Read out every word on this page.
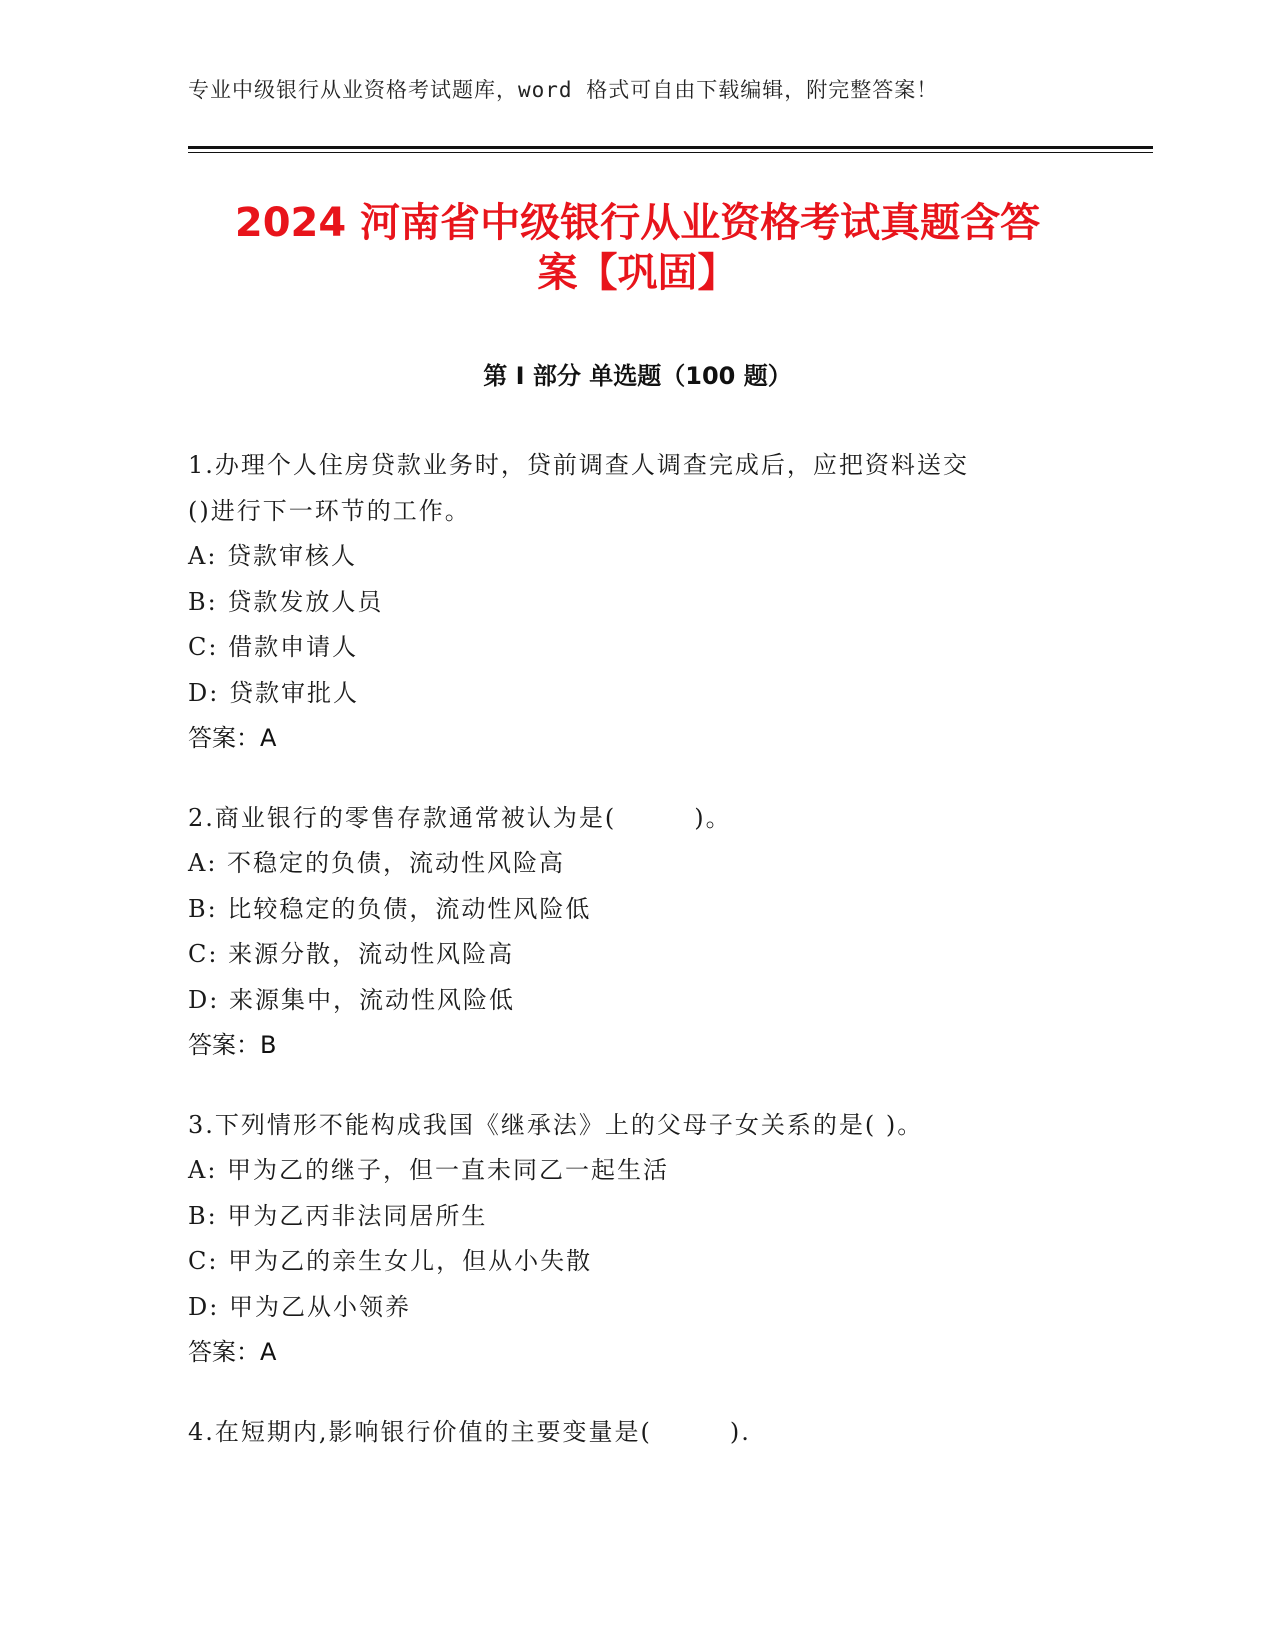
专业中级银行从业资格考试题库，word 格式可自由下载编辑，附完整答案！
2024 河南省中级银行从业资格考试真题含答
案【巩固】
第 I 部分 单选题（100 题）
1.办理个人住房贷款业务时，贷前调查人调查完成后，应把资料送交
()进行下一环节的工作。
A: 贷款审核人
B: 贷款发放人员
C: 借款申请人
D: 贷款审批人
答案：A
2.商业银行的零售存款通常被认为是(　　　)。
A: 不稳定的负债，流动性风险高
B: 比较稳定的负债，流动性风险低
C: 来源分散，流动性风险高
D: 来源集中，流动性风险低
答案：B
3.下列情形不能构成我国《继承法》上的父母子女关系的是( )。
A: 甲为乙的继子，但一直未同乙一起生活
B: 甲为乙丙非法同居所生
C: 甲为乙的亲生女儿，但从小失散
D: 甲为乙从小领养
答案：A
4.在短期内,影响银行价值的主要变量是(　　　).
